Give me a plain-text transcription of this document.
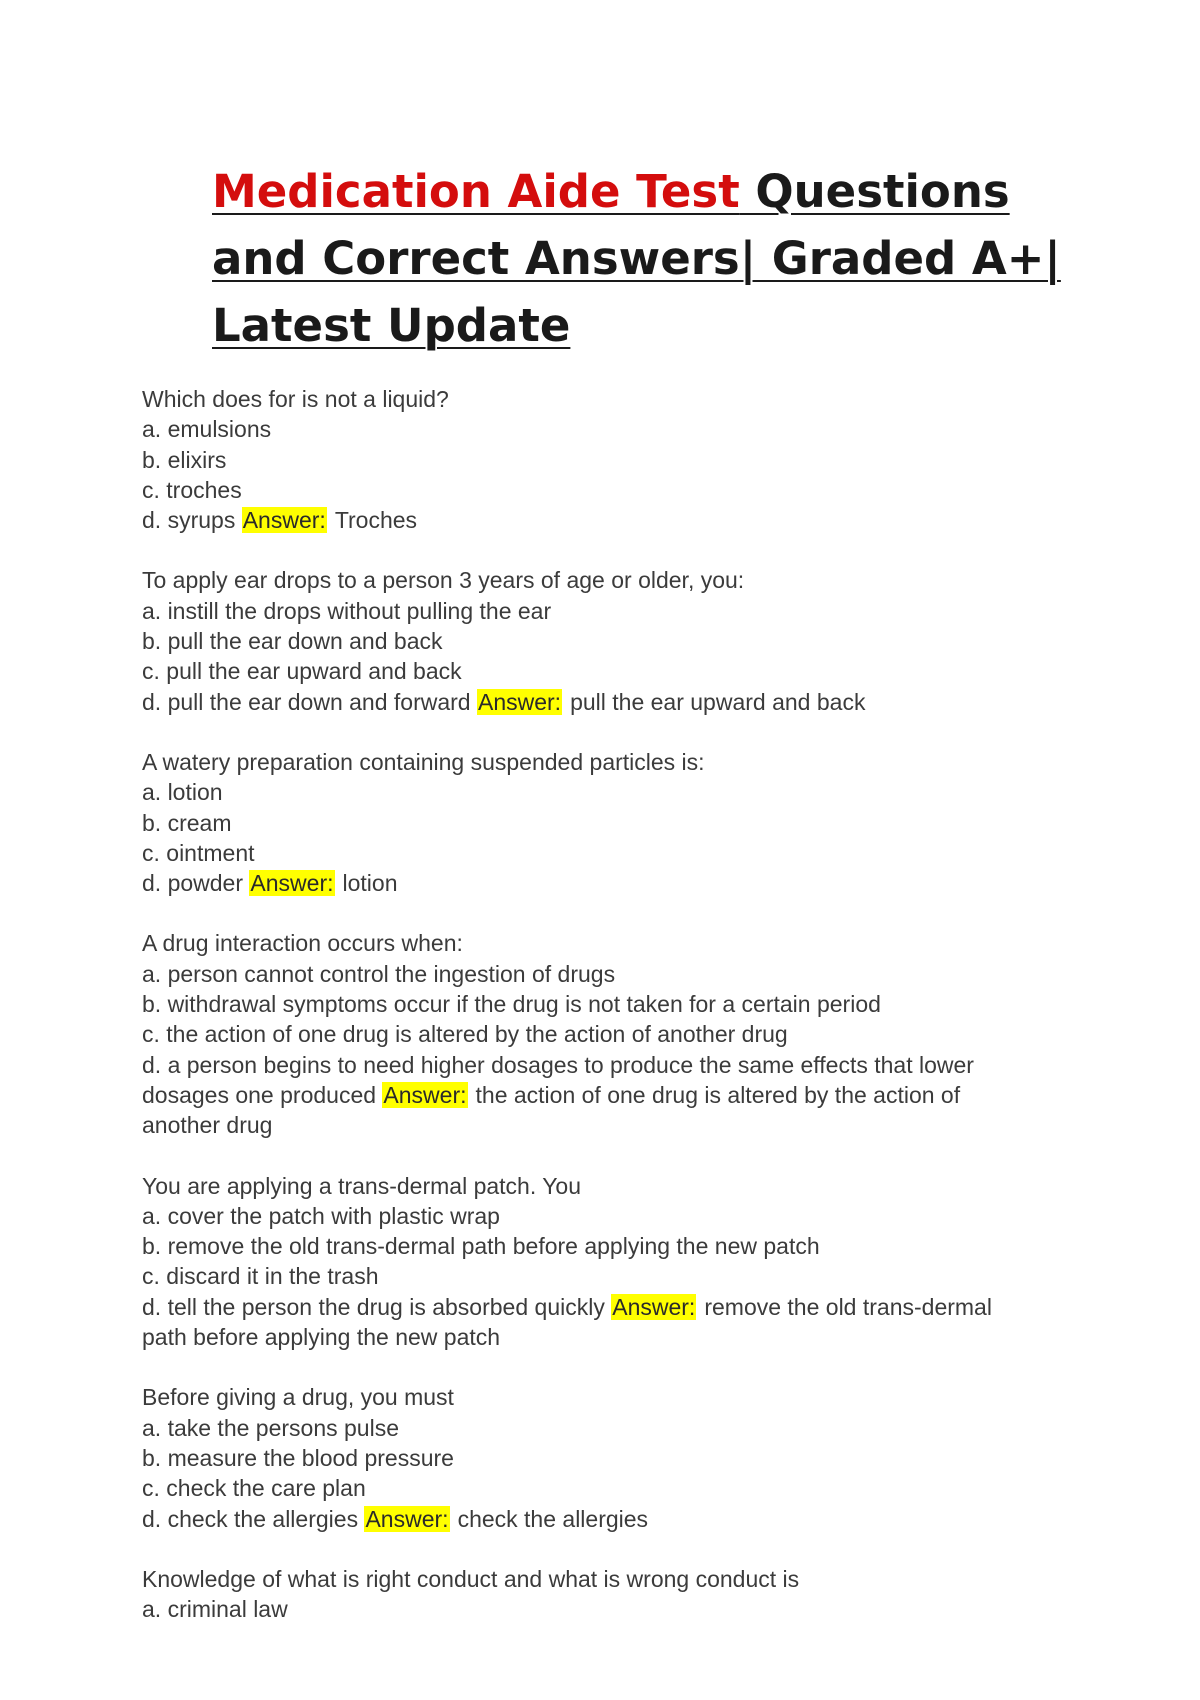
Medication Aide Test Questions
and Correct Answers| Graded A+|
Latest Update
Which does for is not a liquid?
a. emulsions
b. elixirs
c. troches
d. syrups Answer: Troches
To apply ear drops to a person 3 years of age or older, you:
a. instill the drops without pulling the ear
b. pull the ear down and back
c. pull the ear upward and back
d. pull the ear down and forward Answer: pull the ear upward and back
A watery preparation containing suspended particles is:
a. lotion
b. cream
c. ointment
d. powder Answer: lotion
A drug interaction occurs when:
a. person cannot control the ingestion of drugs
b. withdrawal symptoms occur if the drug is not taken for a certain period
c. the action of one drug is altered by the action of another drug
d. a person begins to need higher dosages to produce the same effects that lower dosages one produced Answer: the action of one drug is altered by the action of another drug
You are applying a trans-dermal patch. You
a. cover the patch with plastic wrap
b. remove the old trans-dermal path before applying the new patch
c. discard it in the trash
d. tell the person the drug is absorbed quickly Answer: remove the old trans-dermal path before applying the new patch
Before giving a drug, you must
a. take the persons pulse
b. measure the blood pressure
c. check the care plan
d. check the allergies Answer: check the allergies
Knowledge of what is right conduct and what is wrong conduct is
a. criminal law
